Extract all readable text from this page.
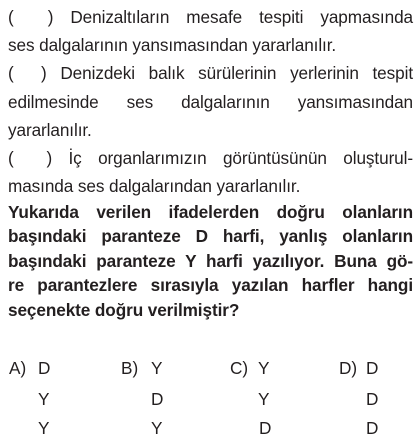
(  ) Denizaltıların mesafe tespiti yapmasında
ses dalgalarının yansımasından yararlanılır.
(  ) Denizdeki balık sürülerinin yerlerinin tespit
edilmesinde ses dalgalarının yansımasından
yararlanılır.
(  ) İç organlarımızın görüntüsünün oluşturul-
masında ses dalgalarından yararlanılır.
Yukarıda verilen ifadelerden doğru olanların
başındaki paranteze D harfi, yanlış olanların
başındaki paranteze Y harfi yazılıyor. Buna gö-
re parantezlere sırasıyla yazılan harfler hangi
seçenekte doğru verilmiştir?
A) D
Y
Y
B) Y
D
Y
C) Y
Y
D
D) D
D
D
